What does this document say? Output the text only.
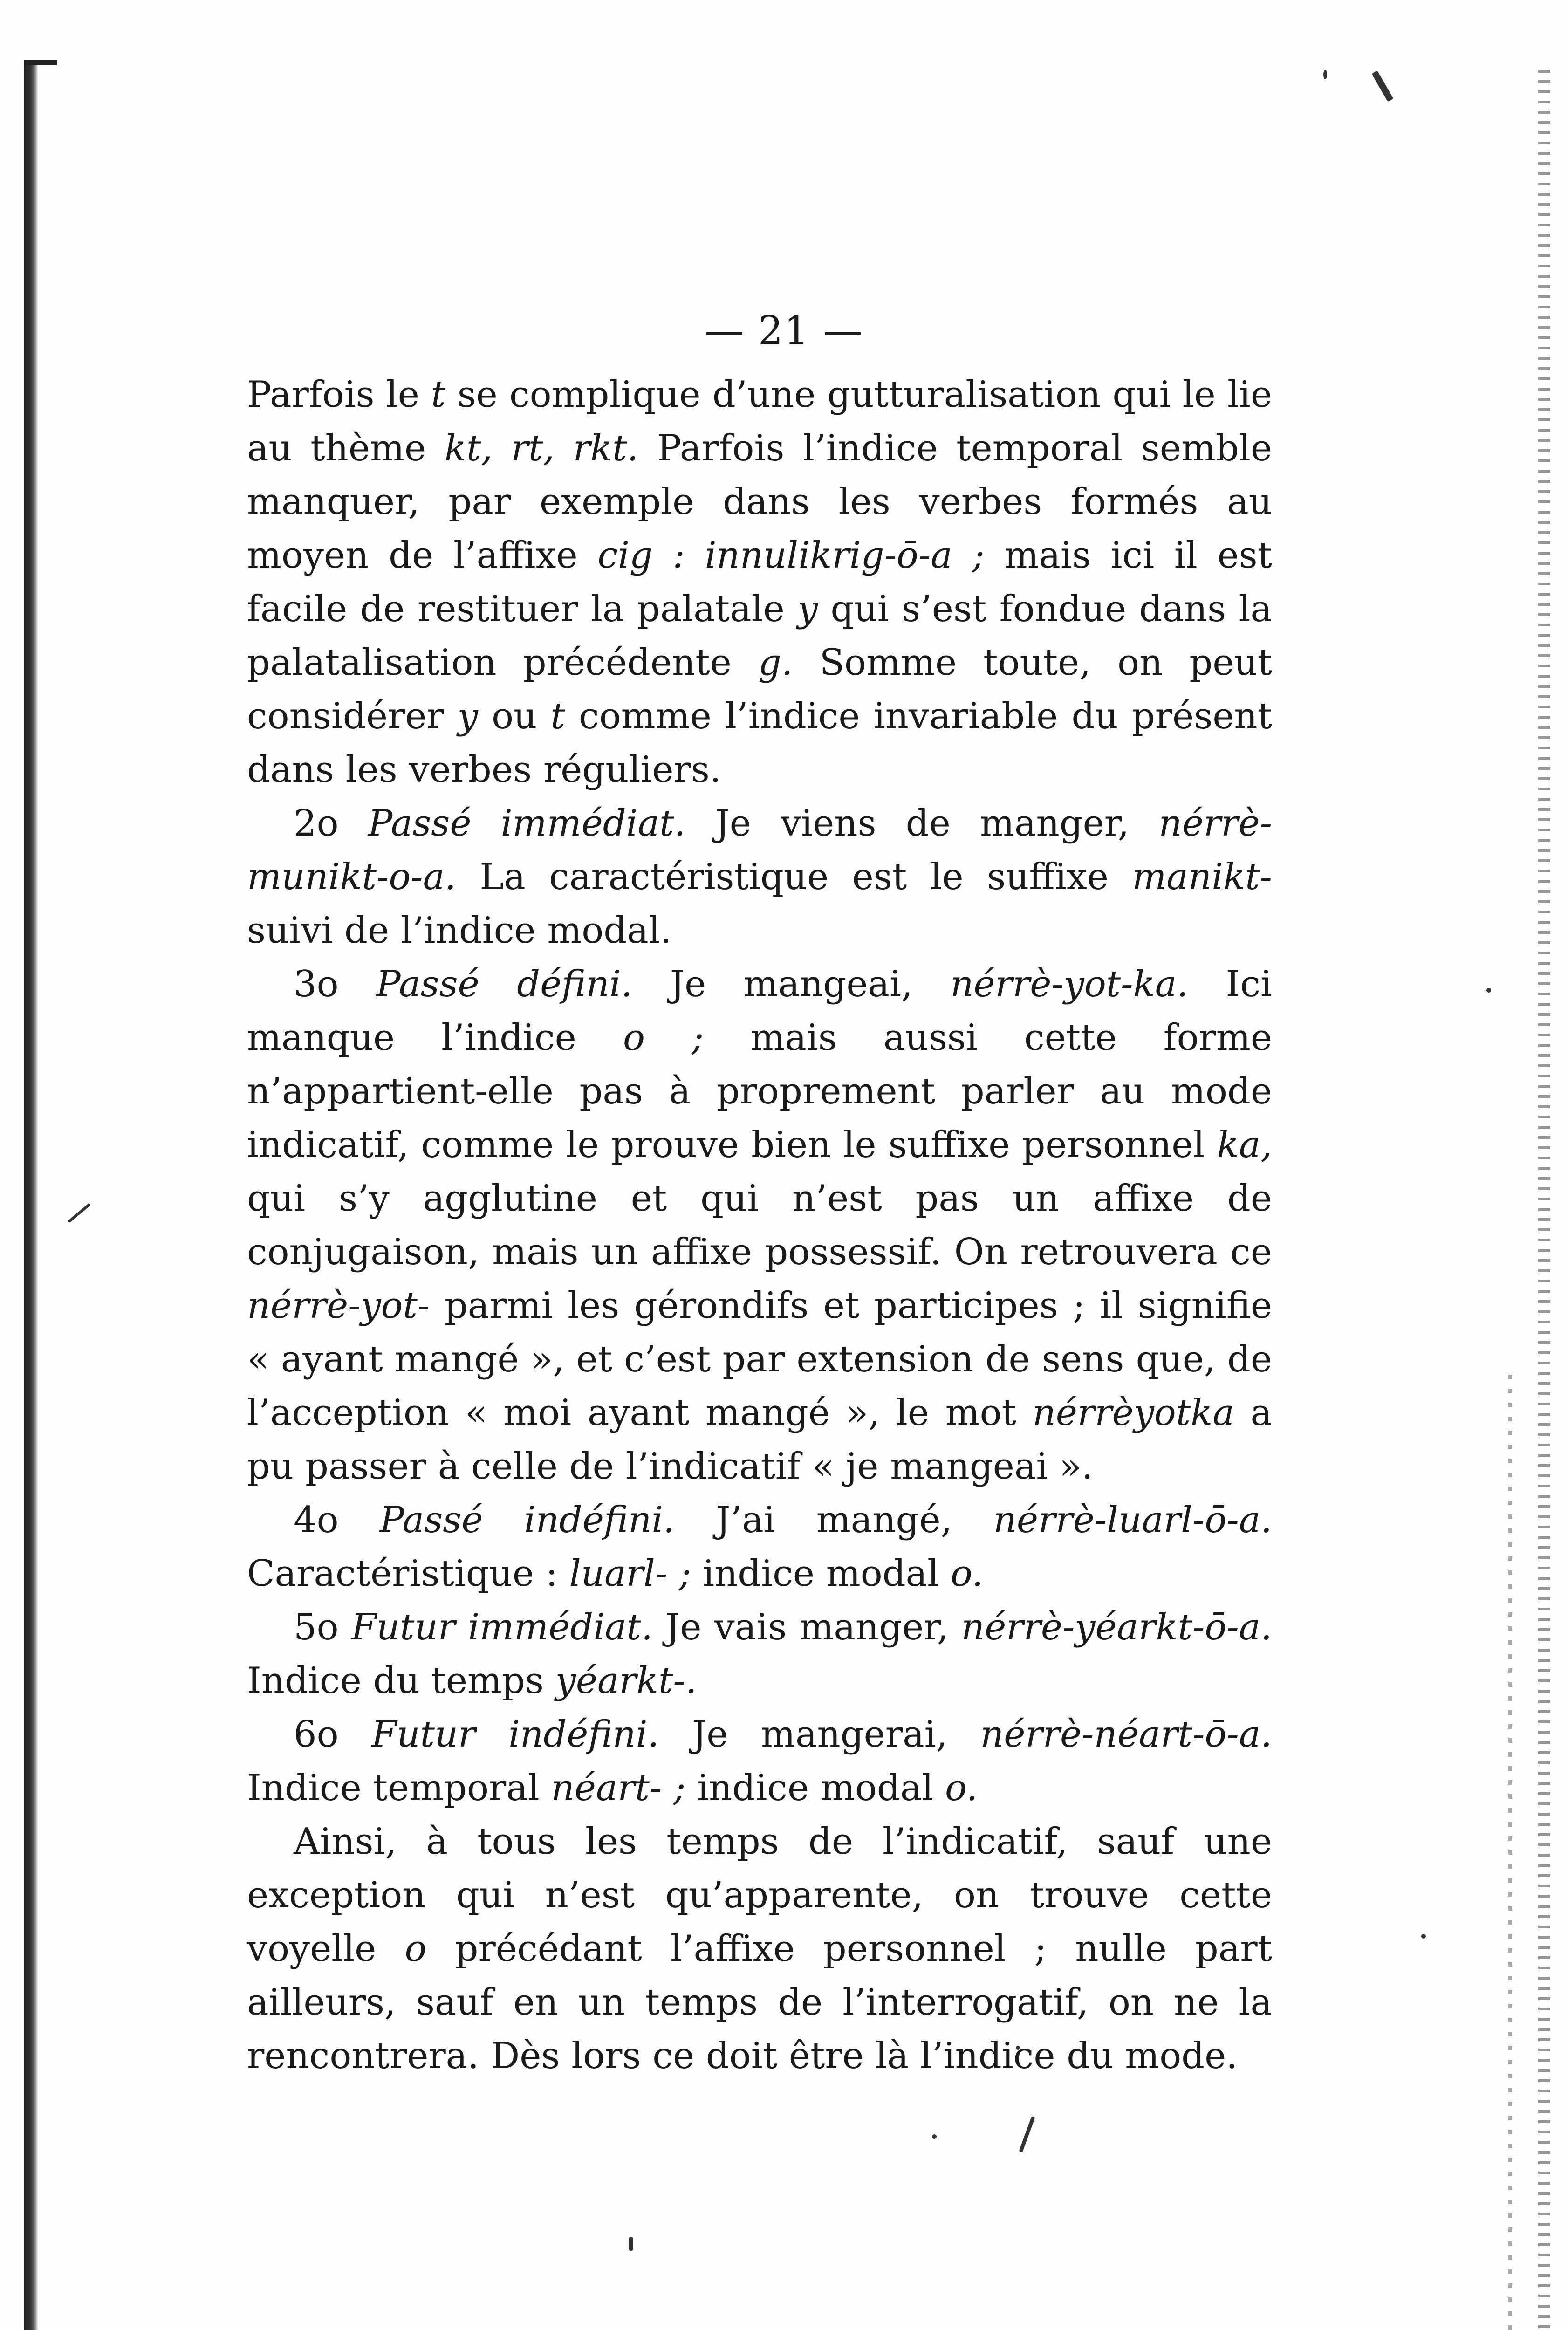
— 21 —

Parfois le t se complique d’une gutturalisation qui le lie au thème kt, rt, rkt. Parfois l’indice temporal semble manquer, par exemple dans les verbes formés au moyen de l’affixe cig : innulikrig-ō-a ; mais ici il est facile de restituer la palatale y qui s’est fondue dans la palatalisation précédente g. Somme toute, on peut considérer y ou t comme l’indice invariable du présent dans les verbes réguliers.

2o Passé immédiat. Je viens de manger, nérrè-munikt-o-a. La caractéristique est le suffixe manikt- suivi de l’indice modal.

3o Passé défini. Je mangeai, nérrè-yot-ka. Ici manque l’indice o ; mais aussi cette forme n’appartient-elle pas à proprement parler au mode indicatif, comme le prouve bien le suffixe personnel ka, qui s’y agglutine et qui n’est pas un affixe de conjugaison, mais un affixe possessif. On retrouvera ce nérrè-yot- parmi les gérondifs et participes ; il signifie « ayant mangé », et c’est par extension de sens que, de l’acception « moi ayant mangé », le mot nérrèyotka a pu passer à celle de l’indicatif « je mangeai ».

4o Passé indéfini. J’ai mangé, nérrè-luarl-ō-a. Caractéristique : luarl- ; indice modal o.

5o Futur immédiat. Je vais manger, nérrè-yéarkt-ō-a. Indice du temps yéarkt-.

6o Futur indéfini. Je mangerai, nérrè-néart-ō-a. Indice temporal néart- ; indice modal o.

Ainsi, à tous les temps de l’indicatif, sauf une exception qui n’est qu’apparente, on trouve cette voyelle o précédant l’affixe personnel ; nulle part ailleurs, sauf en un temps de l’interrogatif, on ne la rencontrera. Dès lors ce doit être là l’indice du mode.
